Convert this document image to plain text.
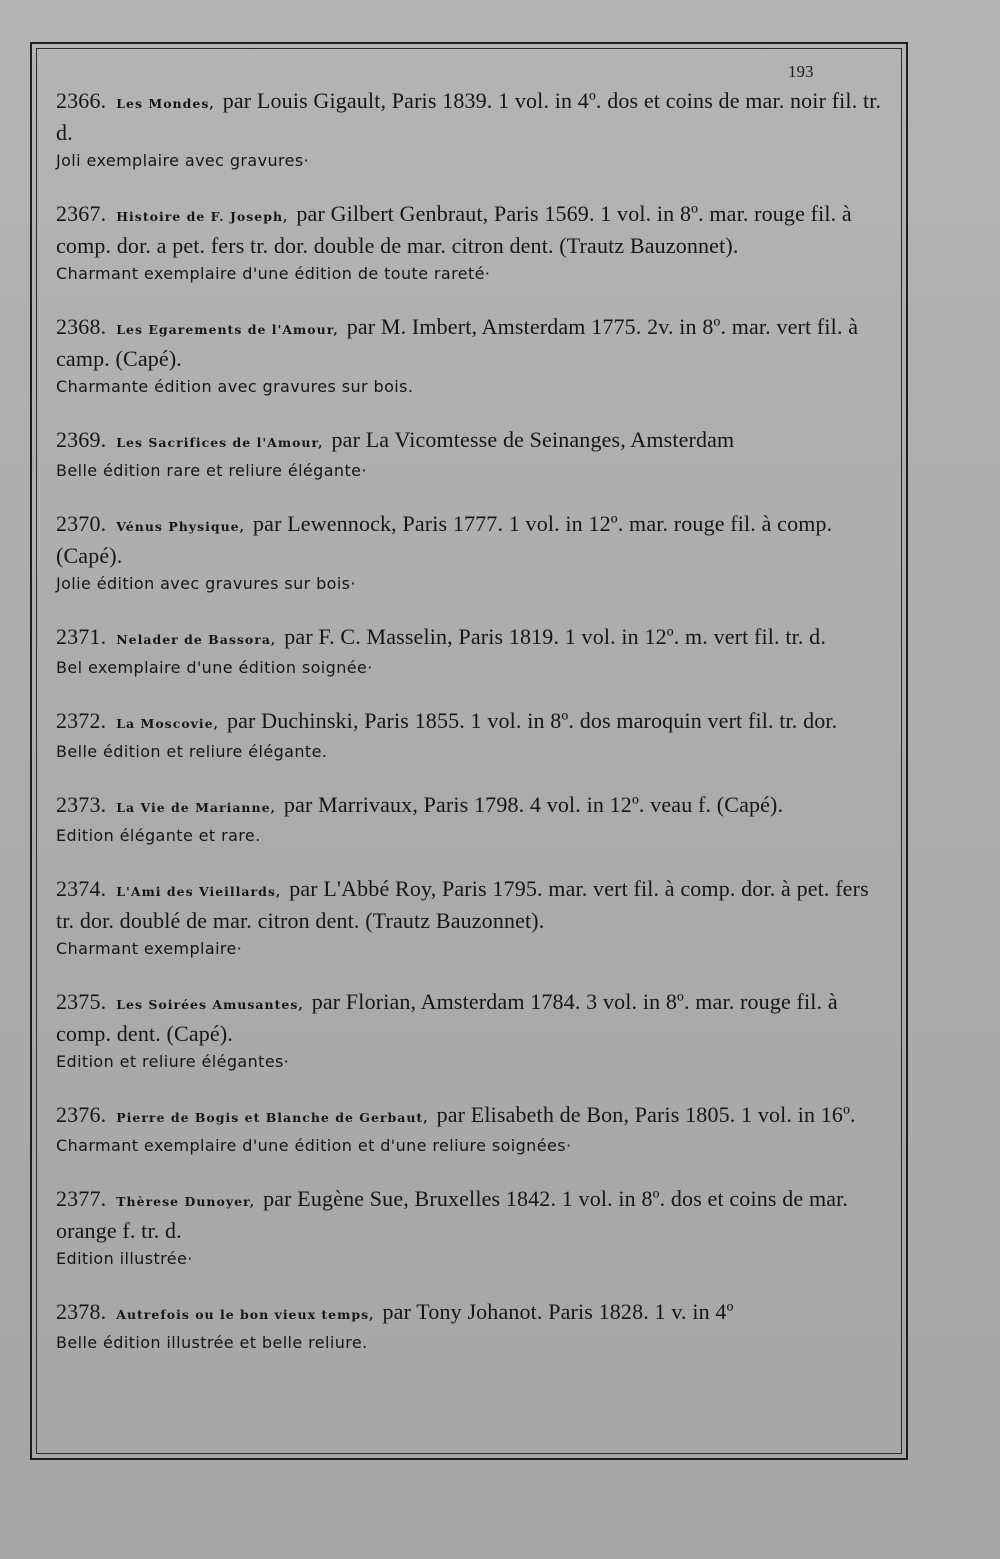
193
2366. Les Mondes, par Louis Gigault, Paris 1839. 1 vol. in 4º. dos et coins de mar. noir fil. tr. d.
Joli exemplaire avec gravures·
2367. Histoire de F. Joseph, par Gilbert Genbraut, Paris 1569. 1 vol. in 8º. mar. rouge fil. à comp. dor. a pet. fers tr. dor. double de mar. citron dent. (Trautz Bauzonnet).
Charmant exemplaire d'une édition de toute rareté·
2368. Les Egarements de l'Amour, par M. Imbert, Amsterdam 1775. 2v. in 8º. mar. vert fil. à camp. (Capé).
Charmante édition avec gravures sur bois.
2369. Les Sacrifices de l'Amour, par La Vicomtesse de Seinanges, Amsterdam
Belle édition rare et reliure élégante·
2370. Vénus Physique, par Lewennock, Paris 1777. 1 vol. in 12º. mar. rouge fil. à comp. (Capé).
Jolie édition avec gravures sur bois·
2371. Nelader de Bassora, par F. C. Masselin, Paris 1819. 1 vol. in 12º. m. vert fil. tr. d.
Bel exemplaire d'une édition soignée·
2372. La Moscovie, par Duchinski, Paris 1855. 1 vol. in 8º. dos maroquin vert fil. tr. dor.
Belle édition et reliure élégante.
2373. La Vie de Marianne, par Marrivaux, Paris 1798. 4 vol. in 12º. veau f. (Capé).
Edition élégante et rare.
2374. L'Ami des Vieillards, par L'Abbé Roy, Paris 1795. mar. vert fil. à comp. dor. à pet. fers tr. dor. doublé de mar. citron dent. (Trautz Bauzonnet).
Charmant exemplaire·
2375. Les Soirées Amusantes, par Florian, Amsterdam 1784. 3 vol. in 8º. mar. rouge fil. à comp. dent. (Capé).
Edition et reliure élégantes·
2376. Pierre de Bogis et Blanche de Gerbaut, par Elisabeth de Bon, Paris 1805. 1 vol. in 16º.
Charmant exemplaire d'une édition et d'une reliure soignées·
2377. Thèrese Dunoyer, par Eugène Sue, Bruxelles 1842. 1 vol. in 8º. dos et coins de mar. orange f. tr. d.
Edition illustrée·
2378. Autrefois ou le bon vieux temps, par Tony Johanot. Paris 1828. 1 v. in 4º
Belle édition illustrée et belle reliure.
